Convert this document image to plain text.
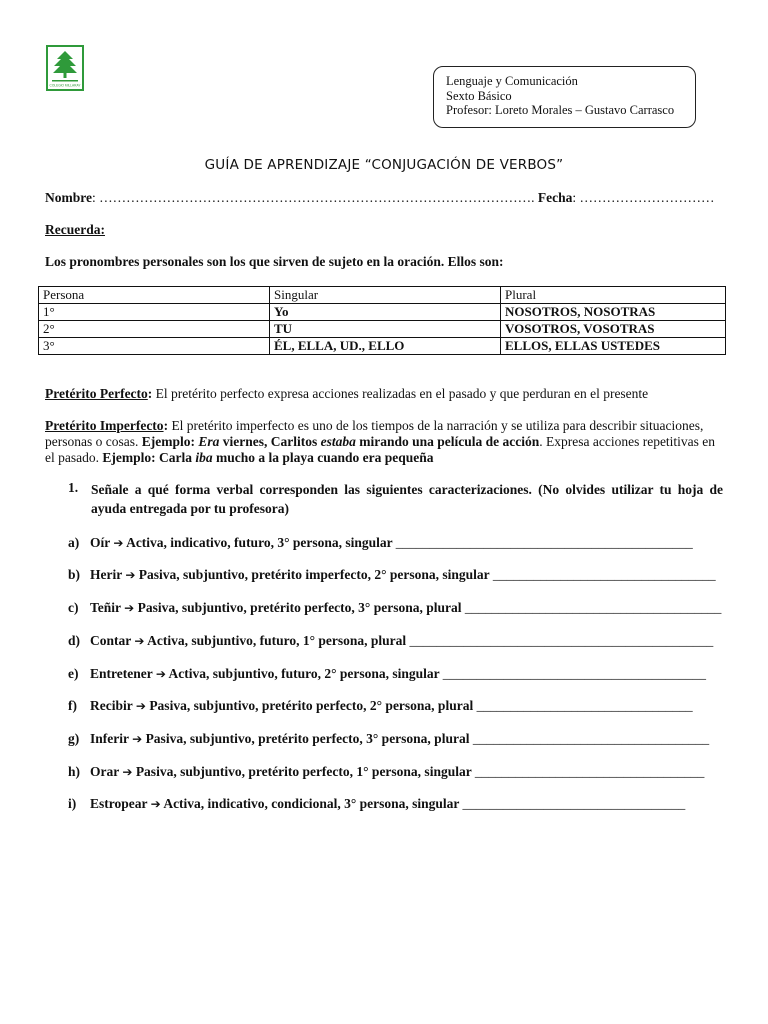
COLEGIO MILLARAY	Lenguaje y Comunicación
Sexto Básico
Profesor: Loreto Morales – Gustavo Carrasco
GUÍA DE APRENDIZAJE “CONJUGACIÓN DE VERBOS”
Nombre: ……………………………………………………………………………………. Fecha: …………………………
Recuerda:
Los pronombres personales son los que sirven de sujeto en la oración. Ellos son:
Persona	Singular	Plural
1°	Yo	NOSOTROS, NOSOTRAS
2°	TU	VOSOTROS, VOSOTRAS
3°	ÉL, ELLA, UD., ELLO	ELLOS, ELLAS USTEDES
Pretérito Perfecto: El pretérito perfecto expresa acciones realizadas en el pasado y que perduran en el presente
Pretérito Imperfecto: El pretérito imperfecto es uno de los tiempos de la narración y se utiliza para describir situaciones, personas o cosas. Ejemplo: Era viernes, Carlitos estaba mirando una película de acción. Expresa acciones repetitivas en el pasado. Ejemplo: Carla iba mucho a la playa cuando era pequeña
1. Señale a qué forma verbal corresponden las siguientes caracterizaciones. (No olvides utilizar tu hoja de
ayuda entregada por tu profesora)
a) Oír ➔ Activa, indicativo, futuro, 3° persona, singular ____________________________________________
b) Herir ➔ Pasiva, subjuntivo, pretérito imperfecto, 2° persona, singular _________________________________
c) Teñir ➔ Pasiva, subjuntivo, pretérito perfecto, 3° persona, plural ______________________________________
d) Contar ➔ Activa, subjuntivo, futuro, 1° persona, plural _____________________________________________
e) Entretener ➔ Activa, subjuntivo, futuro, 2° persona, singular _______________________________________
f) Recibir ➔ Pasiva, subjuntivo, pretérito perfecto, 2° persona, plural ________________________________
g) Inferir ➔ Pasiva, subjuntivo, pretérito perfecto, 3° persona, plural ___________________________________
h) Orar ➔ Pasiva, subjuntivo, pretérito perfecto, 1° persona, singular __________________________________
i) Estropear ➔ Activa, indicativo, condicional, 3° persona, singular _________________________________
